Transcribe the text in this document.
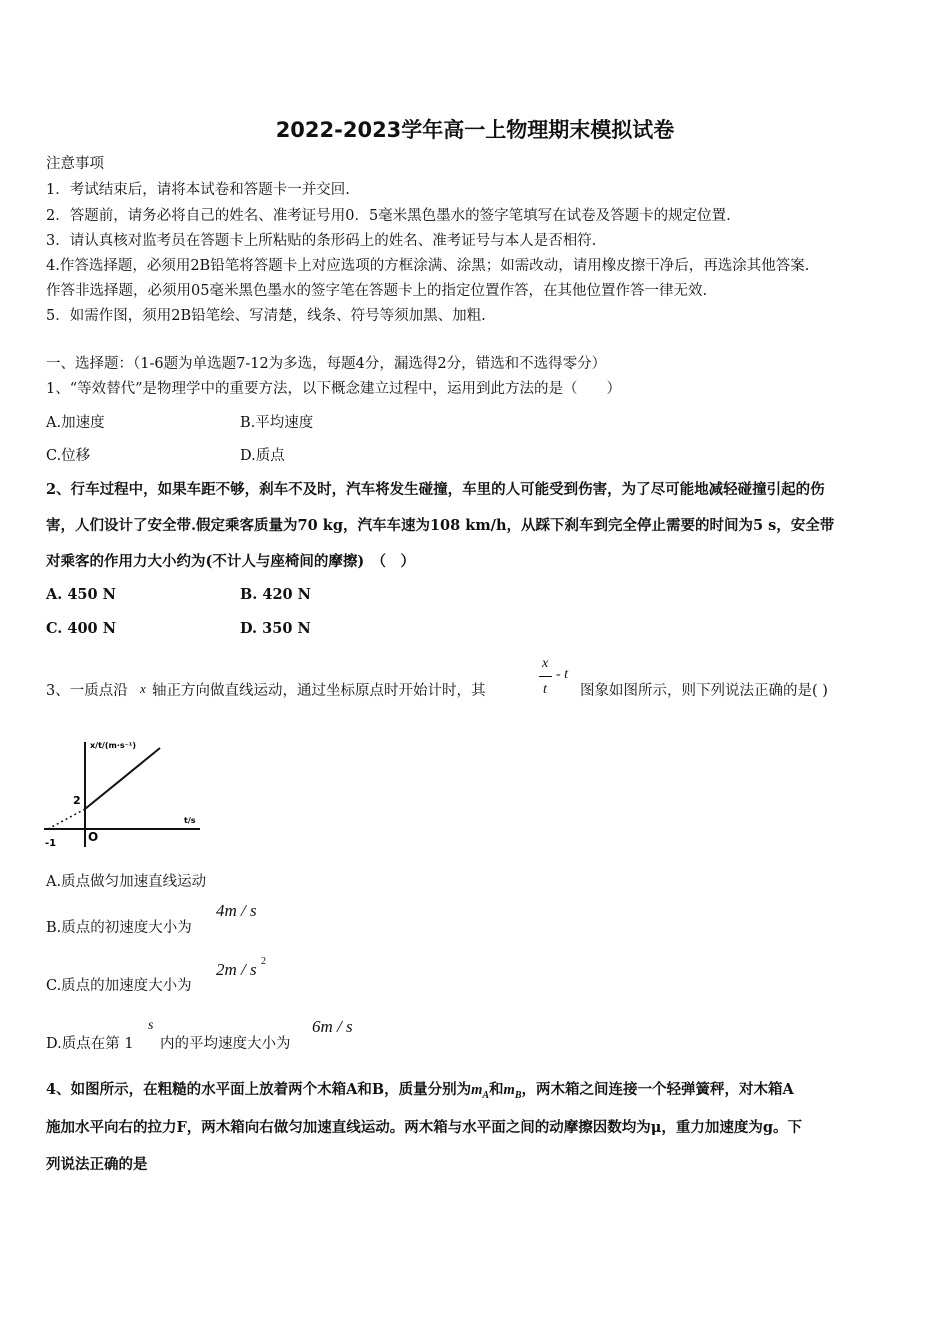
2022-2023学年高一上物理期末模拟试卷
注意事项
1．考试结束后，请将本试卷和答题卡一并交回.
2．答题前，请务必将自己的姓名、准考证号用0．5毫米黑色墨水的签字笔填写在试卷及答题卡的规定位置.
3．请认真核对监考员在答题卡上所粘贴的条形码上的姓名、准考证号与本人是否相符.
4.作答选择题，必须用2B铅笔将答题卡上对应选项的方框涂满、涂黑；如需改动，请用橡皮擦干净后，再选涂其他答案.
作答非选择题，必须用05毫米黑色墨水的签字笔在答题卡上的指定位置作答，在其他位置作答一律无效.
5．如需作图，须用2B铅笔绘、写清楚，线条、符号等须加黑、加粗.
一、选择题：（1-6题为单选题7-12为多选，每题4分，漏选得2分，错选和不选得零分）
1、“等效替代”是物理学中的重要方法，以下概念建立过程中，运用到此方法的是（　　）
A.加速度	B.平均速度
C.位移	D.质点
2、行车过程中，如果车距不够，刹车不及时，汽车将发生碰撞，车里的人可能受到伤害，为了尽可能地减轻碰撞引起的伤
害，人们设计了安全带.假定乘客质量为70 kg，汽车车速为108 km/h，从踩下刹车到完全停止需要的时间为5 s，安全带
对乘客的作用力大小约为(不计人与座椅间的摩擦)　（　）
A. 450 N	B. 420 N
C. 400 N	D. 350 N
3、一质点沿 x 轴正方向做直线运动，通过坐标原点时开始计时，其
x
t
- t
图象如图所示，则下列说法正确的是( )
x/t/(m·s⁻¹)
t/s
2
-1	O
A.质点做匀加速直线运动
B.质点的初速度大小为
4m / s
C.质点的加速度大小为
2m / s 2
D.质点在第 1
s
内的平均速度大小为
6m / s
4、如图所示，在粗糙的水平面上放着两个木箱A和B，质量分别为$m_A$和$m_B$，两木箱之间连接一个轻弹簧秤，对木箱A
施加水平向右的拉力F，两木箱向右做匀加速直线运动。两木箱与水平面之间的动摩擦因数均为μ，重力加速度为g。下
列说法正确的是
